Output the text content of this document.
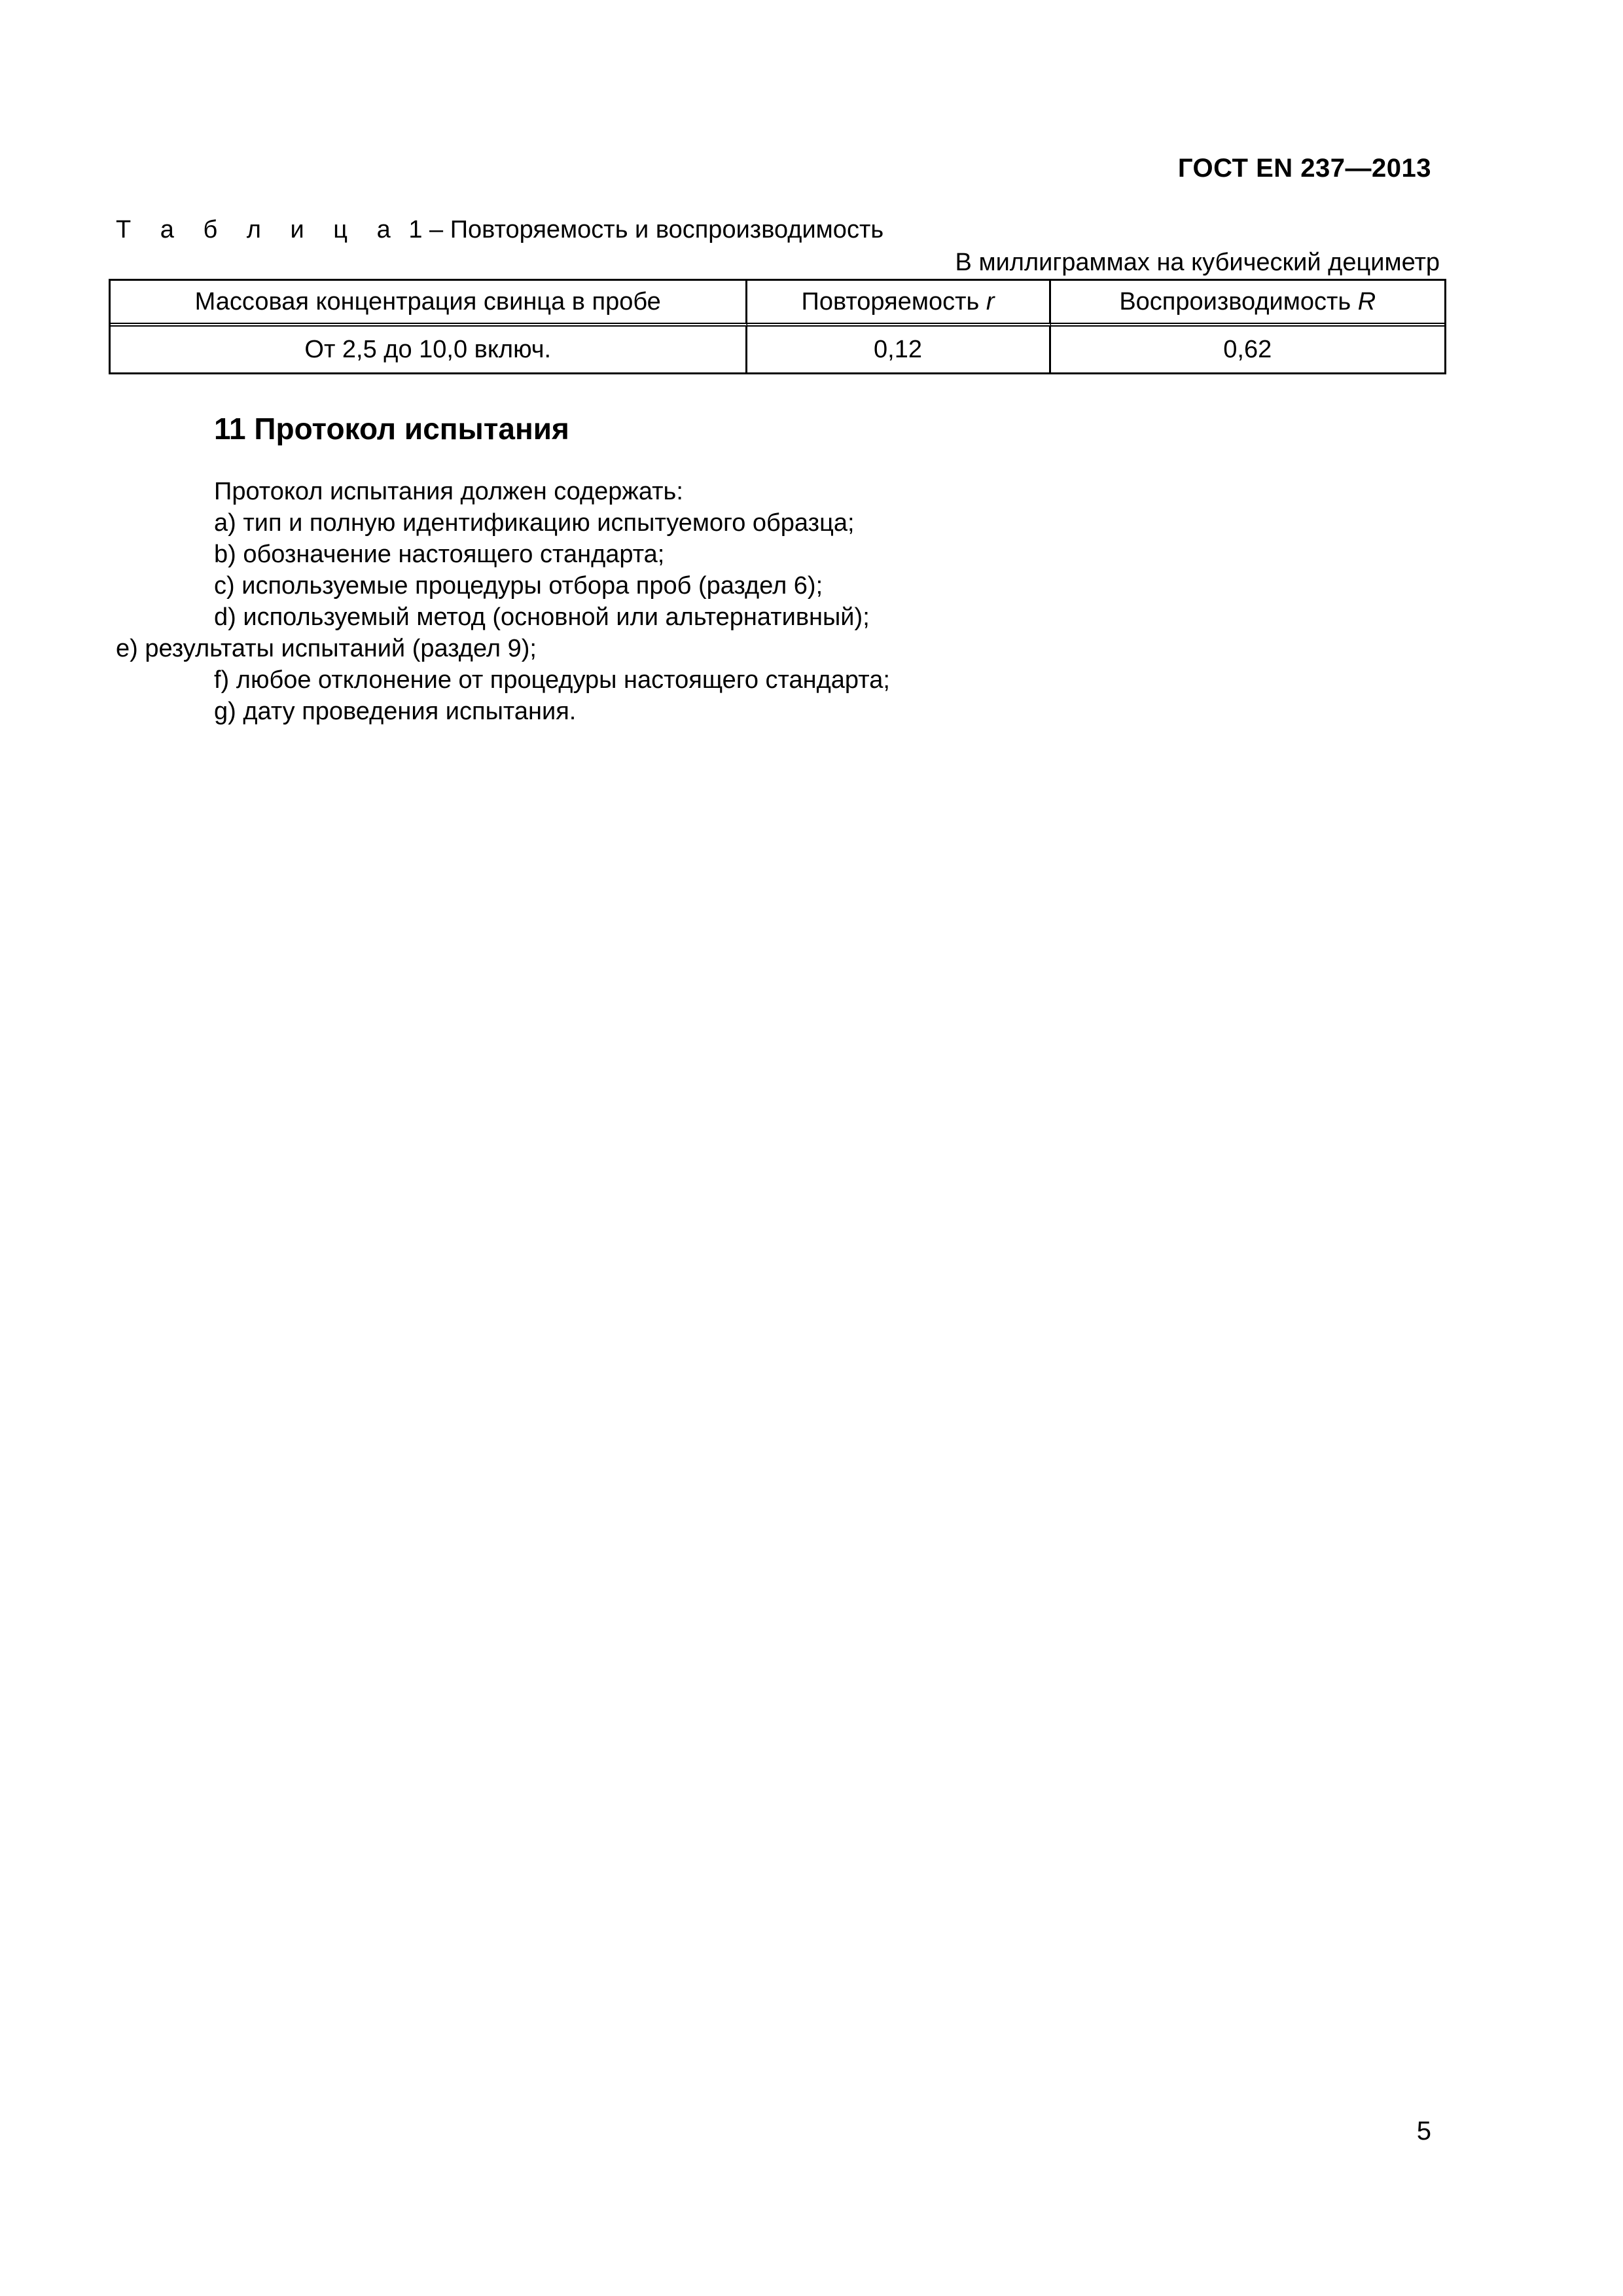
ГОСТ EN 237—2013
Т а б л и ц а 1 – Повторяемость и воспроизводимость
В миллиграммах на кубический дециметр
Массовая концентрация свинца в пробе	Повторяемость r	Воспроизводимость R
От 2,5 до 10,0 включ.	0,12	0,62
11 Протокол испытания
Протокол испытания должен содержать:
a) тип и полную идентификацию испытуемого образца;
b) обозначение настоящего стандарта;
c) используемые процедуры отбора проб (раздел 6);
d) используемый метод (основной или альтернативный);
e) результаты испытаний (раздел 9);
f) любое отклонение от процедуры настоящего стандарта;
g) дату проведения испытания.
5
